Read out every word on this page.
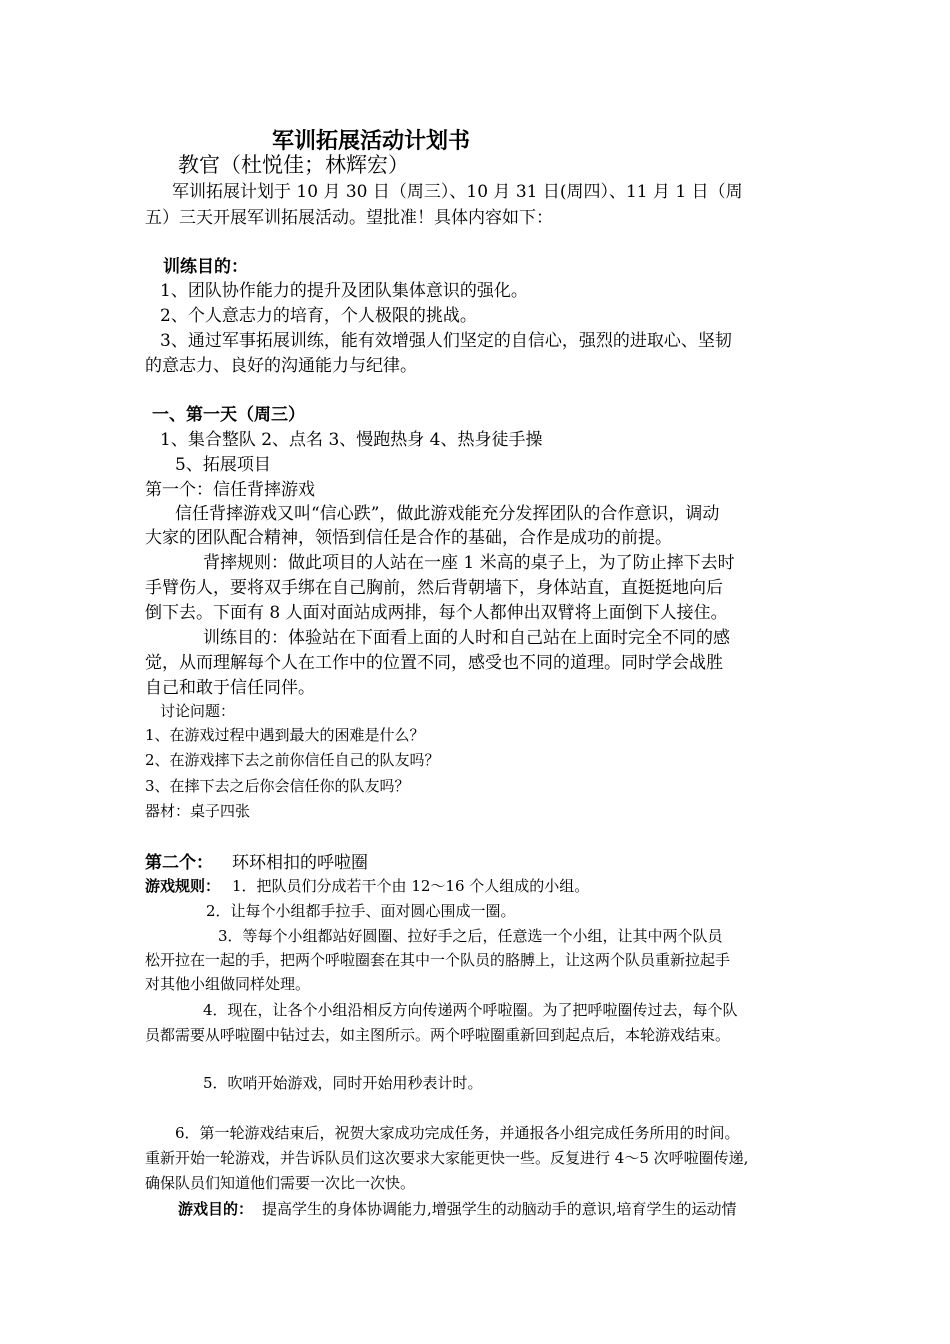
军训拓展活动计划书

教官（杜悦佳；林辉宏）

军训拓展计划于 10 月 30 日（周三）、10 月 31 日(周四）、11 月 1 日（周

五）三天开展军训拓展活动。望批准！具体内容如下：

训练目的：

1、团队协作能力的提升及团队集体意识的强化。

2、个人意志力的培育，个人极限的挑战。

3、通过军事拓展训练，能有效增强人们坚定的自信心，强烈的进取心、坚韧

的意志力、良好的沟通能力与纪律。

一、第一天（周三）

1、集合整队 2、点名 3、慢跑热身 4、热身徒手操

5、拓展项目

第一个：信任背摔游戏

信任背摔游戏又叫“信心跌”，做此游戏能充分发挥团队的合作意识，调动

大家的团队配合精神，领悟到信任是合作的基础，合作是成功的前提。

背摔规则：做此项目的人站在一座 1 米高的桌子上，为了防止摔下去时

手臂伤人，要将双手绑在自己胸前，然后背朝墙下，身体站直，直挺挺地向后

倒下去。下面有 8 人面对面站成两排，每个人都伸出双臂将上面倒下人接住。

训练目的：体验站在下面看上面的人时和自己站在上面时完全不同的感

觉，从而理解每个人在工作中的位置不同，感受也不同的道理。同时学会战胜

自己和敢于信任同伴。

讨论问题：

1、在游戏过程中遇到最大的困难是什么？

2、在游戏摔下去之前你信任自己的队友吗？

3、在摔下去之后你会信任你的队友吗？

器材：桌子四张

第二个： 环环相扣的呼啦圈

游戏规则： 1．把队员们分成若干个由 12～16 个人组成的小组。

2．让每个小组都手拉手、面对圆心围成一圈。

3．等每个小组都站好圆圈、拉好手之后，任意选一个小组，让其中两个队员

松开拉在一起的手，把两个呼啦圈套在其中一个队员的胳膊上，让这两个队员重新拉起手

对其他小组做同样处理。

4．现在，让各个小组沿相反方向传递两个呼啦圈。为了把呼啦圈传过去，每个队

员都需要从呼啦圈中钻过去，如主图所示。两个呼啦圈重新回到起点后，本轮游戏结束。

5．吹哨开始游戏，同时开始用秒表计时。

6．第一轮游戏结束后，祝贺大家成功完成任务，并通报各小组完成任务所用的时间。

重新开始一轮游戏，并告诉队员们这次要求大家能更快一些。反复进行 4～5 次呼啦圈传递,

确保队员们知道他们需要一次比一次快。

游戏目的： 提高学生的身体协调能力,增强学生的动脑动手的意识,培育学生的运动情
